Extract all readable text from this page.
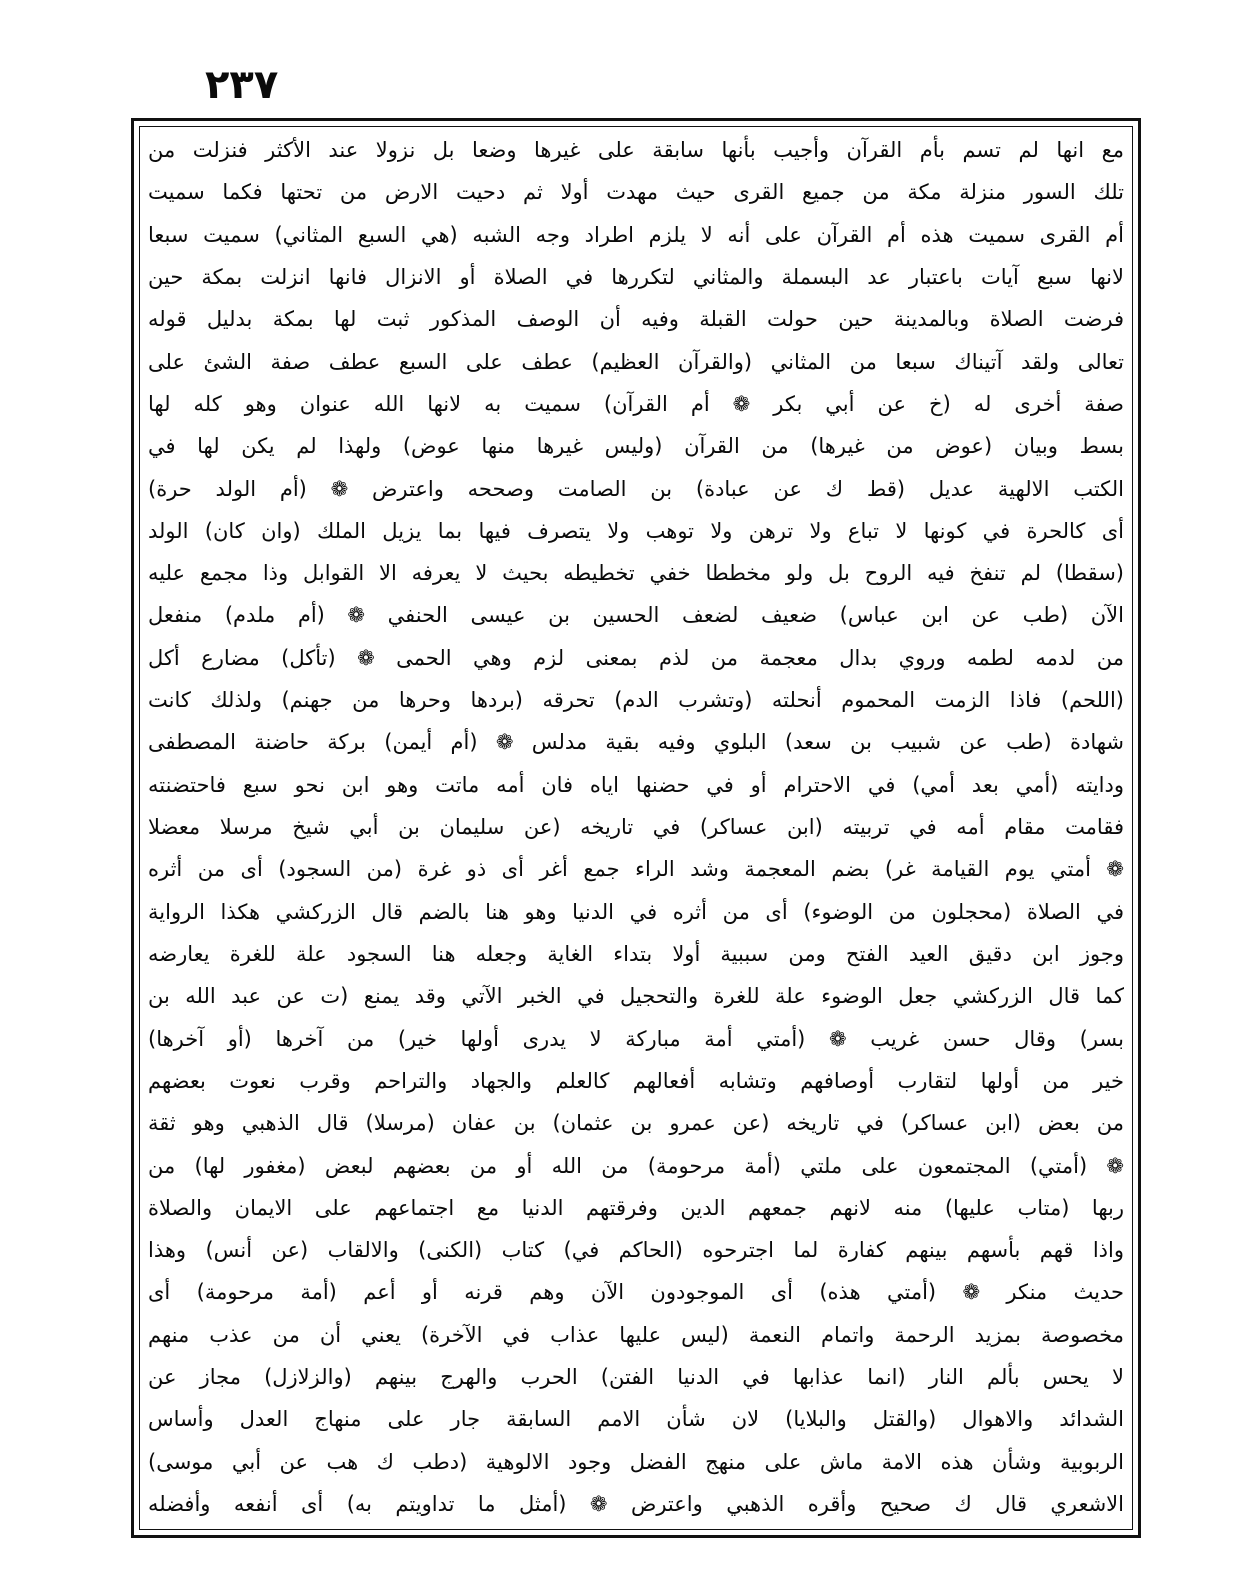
٢٣٧
مع انها لم تسم بأم القرآن وأجيب بأنها سابقة على غيرها وضعا بل نزولا عند الأكثر فنزلت من
تلك السور منزلة مكة من جميع القرى حيث مهدت أولا ثم دحيت الارض من تحتها فكما سميت
أم القرى سميت هذه أم القرآن على أنه لا يلزم اطراد وجه الشبه (هي السبع المثاني) سميت سبعا
لانها سبع آيات باعتبار عد البسملة والمثاني لتكررها في الصلاة أو الانزال فانها انزلت بمكة حين
فرضت الصلاة وبالمدينة حين حولت القبلة وفيه أن الوصف المذكور ثبت لها بمكة بدليل قوله
تعالى ولقد آتيناك سبعا من المثاني (والقرآن العظيم) عطف على السبع عطف صفة الشئ على
صفة أخرى له (خ عن أبي بكر ❁ أم القرآن) سميت به لانها الله عنوان وهو كله لها
بسط وبيان (عوض من غيرها) من القرآن (وليس غيرها منها عوض) ولهذا لم يكن لها في
الكتب الالهية عديل (قط ك عن عبادة) بن الصامت وصححه واعترض ❁ (أم الولد حرة)
أى كالحرة في كونها لا تباع ولا ترهن ولا توهب ولا يتصرف فيها بما يزيل الملك (وان كان) الولد
(سقطا) لم تنفخ فيه الروح بل ولو مخططا خفي تخطيطه بحيث لا يعرفه الا القوابل وذا مجمع عليه
الآن (طب عن ابن عباس) ضعيف لضعف الحسين بن عيسى الحنفي ❁ (أم ملدم) منفعل
من لدمه لطمه وروي بدال معجمة من لذم بمعنى لزم وهي الحمى ❁ (تأكل) مضارع أكل
(اللحم) فاذا الزمت المحموم أنحلته (وتشرب الدم) تحرقه (بردها وحرها من جهنم) ولذلك كانت
شهادة (طب عن شبيب بن سعد) البلوي وفيه بقية مدلس ❁ (أم أيمن) بركة حاضنة المصطفى
ودايته (أمي بعد أمي) في الاحترام أو في حضنها اياه فان أمه ماتت وهو ابن نحو سبع فاحتضنته
فقامت مقام أمه في تربيته (ابن عساكر) في تاريخه (عن سليمان بن أبي شيخ مرسلا معضلا
❁ أمتي يوم القيامة غر) بضم المعجمة وشد الراء جمع أغر أى ذو غرة (من السجود) أى من أثره
في الصلاة (محجلون من الوضوء) أى من أثره في الدنيا وهو هنا بالضم قال الزركشي هكذا الرواية
وجوز ابن دقيق العيد الفتح ومن سببية أولا بتداء الغاية وجعله هنا السجود علة للغرة يعارضه
كما قال الزركشي جعل الوضوء علة للغرة والتحجيل في الخبر الآتي وقد يمنع (ت عن عبد الله بن
بسر) وقال حسن غريب ❁ (أمتي أمة مباركة لا يدرى أولها خير) من آخرها (أو آخرها)
خير من أولها لتقارب أوصافهم وتشابه أفعالهم كالعلم والجهاد والتراحم وقرب نعوت بعضهم
من بعض (ابن عساكر) في تاريخه (عن عمرو بن عثمان) بن عفان (مرسلا) قال الذهبي وهو ثقة
❁ (أمتي) المجتمعون على ملتي (أمة مرحومة) من الله أو من بعضهم لبعض (مغفور لها) من
ربها (متاب عليها) منه لانهم جمعهم الدين وفرقتهم الدنيا مع اجتماعهم على الايمان والصلاة
واذا قهم بأسهم بينهم كفارة لما اجترحوه (الحاكم في) كتاب (الكنى) والالقاب (عن أنس) وهذا
حديث منكر ❁ (أمتي هذه) أى الموجودون الآن وهم قرنه أو أعم (أمة مرحومة) أى
مخصوصة بمزيد الرحمة واتمام النعمة (ليس عليها عذاب في الآخرة) يعني أن من عذب منهم
لا يحس بألم النار (انما عذابها في الدنيا الفتن) الحرب والهرج بينهم (والزلازل) مجاز عن
الشدائد والاهوال (والقتل والبلايا) لان شأن الامم السابقة جار على منهاج العدل وأساس
الربوبية وشأن هذه الامة ماش على منهج الفضل وجود الالوهية (دطب ك هب عن أبي موسى)
الاشعري قال ك صحيح وأقره الذهبي واعترض ❁ (أمثل ما تداويتم به) أى أنفعه وأفضله
